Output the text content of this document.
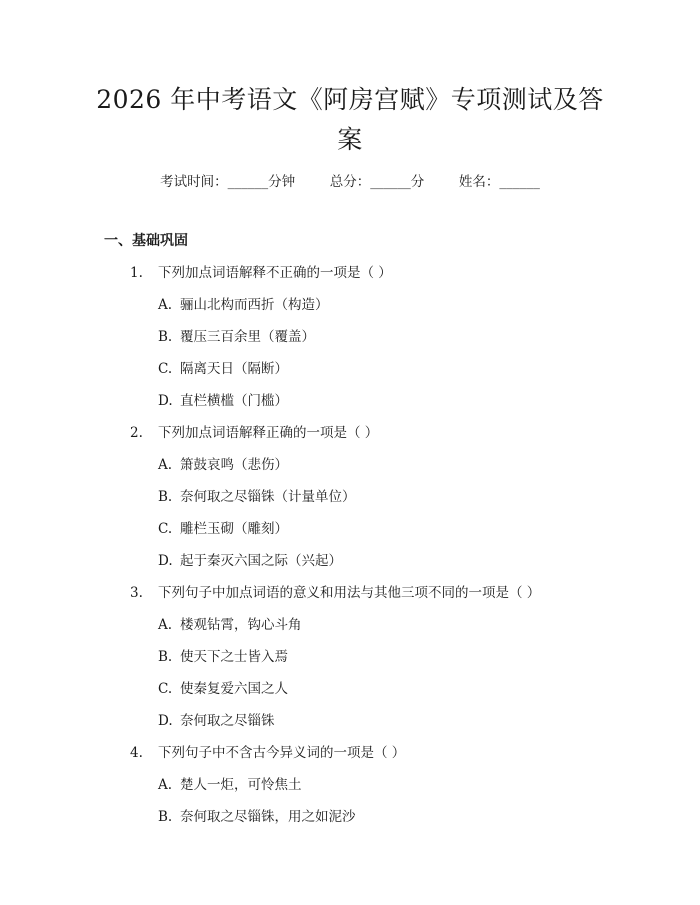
2026 年中考语文《阿房宫赋》专项测试及答
案
考试时间：______分钟	总分：______分	姓名：______
一、基础巩固
1. 下列加点词语解释不正确的一项是（ ）
A. 骊山北构而西折（构造）
B. 覆压三百余里（覆盖）
C. 隔离天日（隔断）
D. 直栏横槛（门槛）
2. 下列加点词语解释正确的一项是（ ）
A. 箫鼓哀鸣（悲伤）
B. 奈何取之尽锱铢（计量单位）
C. 雕栏玉砌（雕刻）
D. 起于秦灭六国之际（兴起）
3. 下列句子中加点词语的意义和用法与其他三项不同的一项是（ ）
A. 楼观钻霄，钩心斗角
B. 使天下之士皆入焉
C. 使秦复爱六国之人
D. 奈何取之尽锱铢
4. 下列句子中不含古今异义词的一项是（ ）
A. 楚人一炬，可怜焦土
B. 奈何取之尽锱铢，用之如泥沙
